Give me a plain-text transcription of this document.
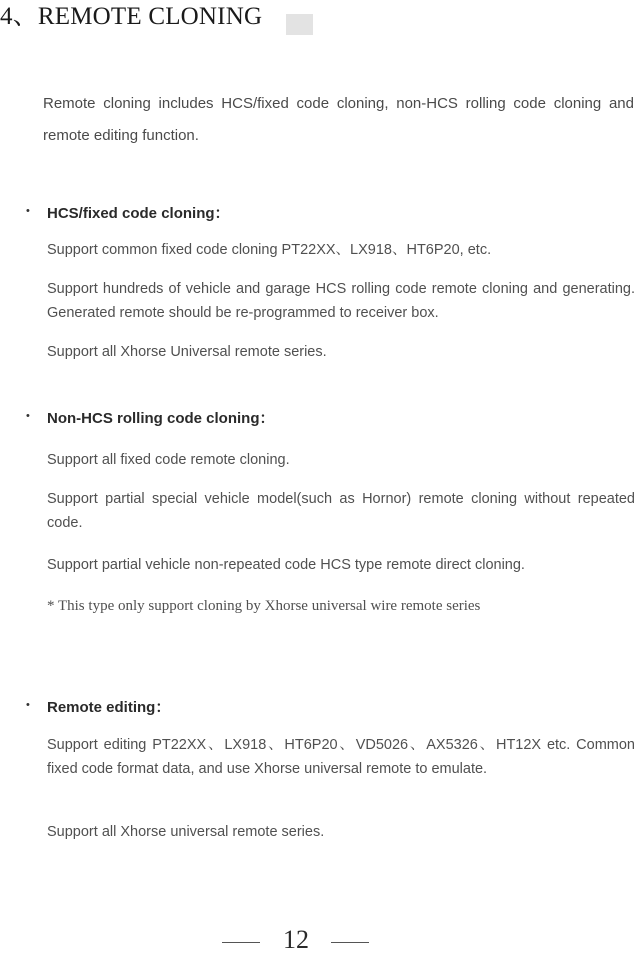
4、REMOTE CLONING

Remote cloning includes HCS/fixed code cloning, non-HCS rolling code cloning and remote editing function.

• HCS/fixed code cloning：

Support common fixed code cloning PT22XX、LX918、HT6P20, etc.

Support hundreds of vehicle and garage HCS rolling code remote cloning and generating. Generated remote should be re-programmed to receiver box.

Support all Xhorse Universal remote series.

• Non-HCS rolling code cloning：

Support all fixed code remote cloning.

Support partial special vehicle model(such as Hornor) remote cloning without repeated code.

Support partial vehicle non-repeated code HCS type remote direct cloning.

* This type only support cloning by Xhorse universal wire remote series

• Remote editing：

Support editing PT22XX、LX918、HT6P20、VD5026、AX5326、HT12X etc. Common fixed code format data, and use Xhorse universal remote to emulate.

Support all Xhorse universal remote series.

12
